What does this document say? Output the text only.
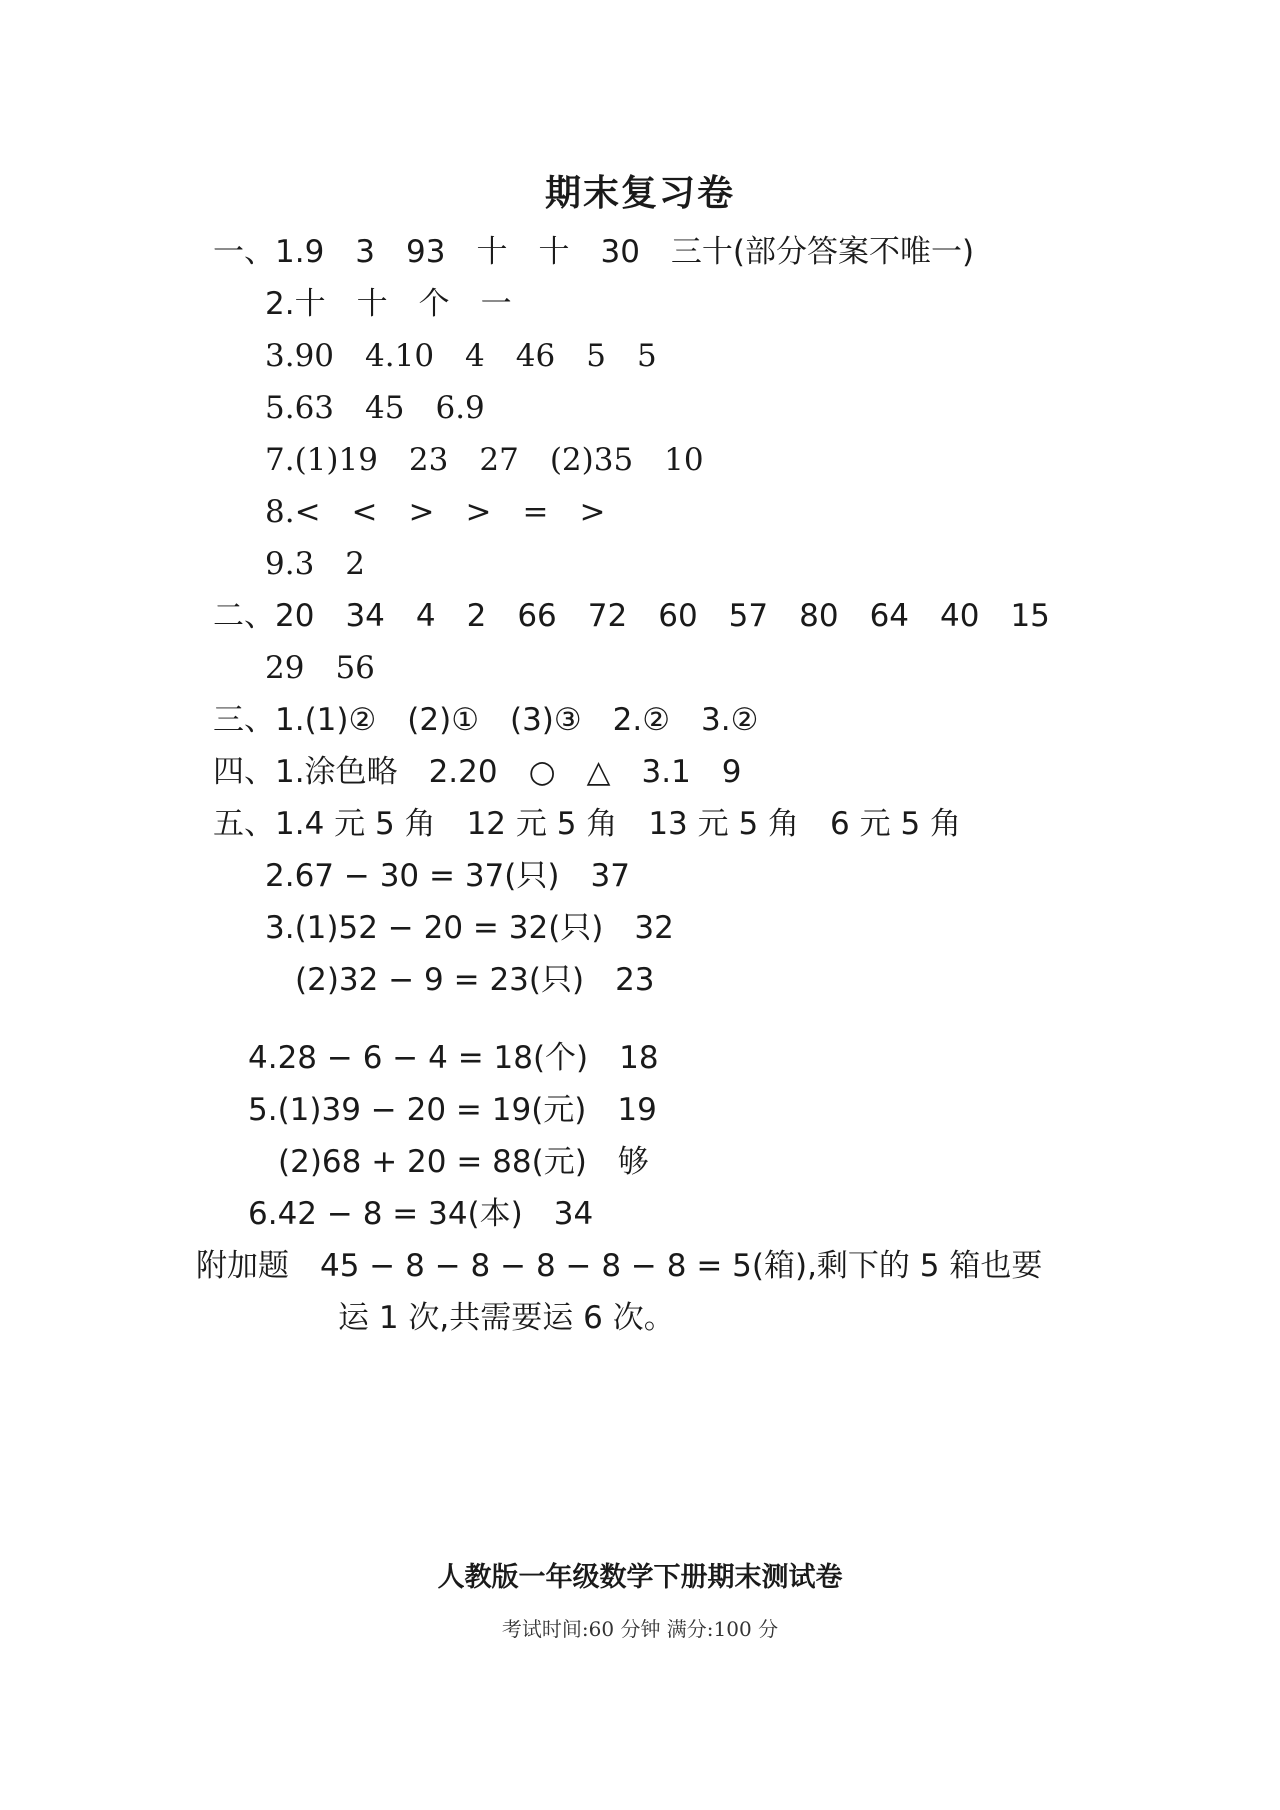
期末复习卷
一、1.9　3　93　十　十　30　三十(部分答案不唯一)
2.十　十　个　一
3.90　4.10　4　46　5　5
5.63　45　6.9
7.(1)19　23　27　(2)35　10
8.<　<　>　>　=　>
9.3　2
二、20　34　4　2　66　72　60　57　80　64　40　15
29　56
三、1.(1)②　(2)①　(3)③　2.②　3.②
四、1.涂色略　2.20　○　△　3.1　9
五、1.4 元 5 角　12 元 5 角　13 元 5 角　6 元 5 角
2.67 − 30 = 37(只)　37
3.(1)52 − 20 = 32(只)　32
(2)32 − 9 = 23(只)　23
4.28 − 6 − 4 = 18(个)　18
5.(1)39 − 20 = 19(元)　19
(2)68 + 20 = 88(元)　够
6.42 − 8 = 34(本)　34
附加题　45 − 8 − 8 − 8 − 8 − 8 = 5(箱),剩下的 5 箱也要
运 1 次,共需要运 6 次。
人教版一年级数学下册期末测试卷
考试时间:60 分钟 满分:100 分
